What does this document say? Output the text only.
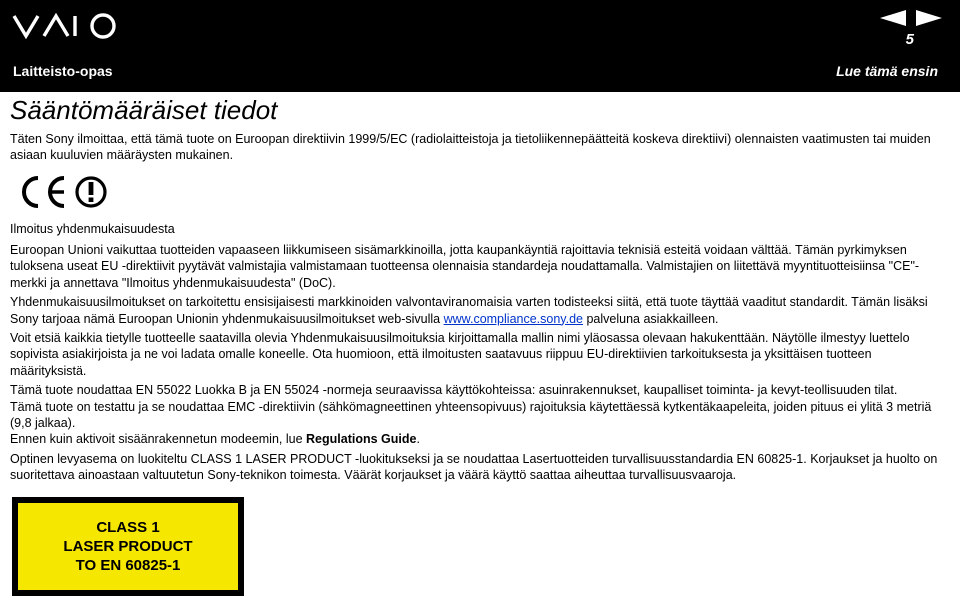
5
Laitteisto-opas	Lue tämä ensin
Sääntömääräiset tiedot

Täten Sony ilmoittaa, että tämä tuote on Euroopan direktiivin 1999/5/EC (radiolaitteistoja ja tietoliikennepäätteitä koskeva direktiivi) olennaisten vaatimusten tai muiden asiaan kuuluvien määräysten mukainen.

Ilmoitus yhdenmukaisuudesta

Euroopan Unioni vaikuttaa tuotteiden vapaaseen liikkumiseen sisämarkkinoilla, jotta kaupankäyntiä rajoittavia teknisiä esteitä voidaan välttää. Tämän pyrkimyksen tuloksena useat EU -direktiivit pyytävät valmistajia valmistamaan tuotteensa olennaisia standardeja noudattamalla. Valmistajien on liitettävä myyntituotteisiinsa "CE"-merkki ja annettava "Ilmoitus yhdenmukaisuudesta" (DoC).

Yhdenmukaisuusilmoitukset on tarkoitettu ensisijaisesti markkinoiden valvontaviranomaisia varten todisteeksi siitä, että tuote täyttää vaaditut standardit. Tämän lisäksi Sony tarjoaa nämä Euroopan Unionin yhdenmukaisuusilmoitukset web-sivulla www.compliance.sony.de palveluna asiakkailleen.

Voit etsiä kaikkia tietylle tuotteelle saatavilla olevia Yhdenmukaisuusilmoituksia kirjoittamalla mallin nimi yläosassa olevaan hakukenttään. Näytölle ilmestyy luettelo sopivista asiakirjoista ja ne voi ladata omalle koneelle. Ota huomioon, että ilmoitusten saatavuus riippuu EU-direktiivien tarkoituksesta ja yksittäisen tuotteen määrityksistä.

Tämä tuote noudattaa EN 55022 Luokka B ja EN 55024 -normeja seuraavissa käyttökohteissa: asuinrakennukset, kaupalliset toiminta- ja kevyt-teollisuuden tilat.

Tämä tuote on testattu ja se noudattaa EMC -direktiivin (sähkömagneettinen yhteensopivuus) rajoituksia käytettäessä kytkentäkaapeleita, joiden pituus ei ylitä 3 metriä (9,8 jalkaa).

Ennen kuin aktivoit sisäänrakennetun modeemin, lue Regulations Guide.

Optinen levyasema on luokiteltu CLASS 1 LASER PRODUCT -luokitukseksi ja se noudattaa Lasertuotteiden turvallisuusstandardia EN 60825-1. Korjaukset ja huolto on suoritettava ainoastaan valtuutetun Sony-teknikon toimesta. Väärät korjaukset ja väärä käyttö saattaa aiheuttaa turvallisuusvaaroja.

CLASS 1
LASER PRODUCT
TO EN 60825-1
